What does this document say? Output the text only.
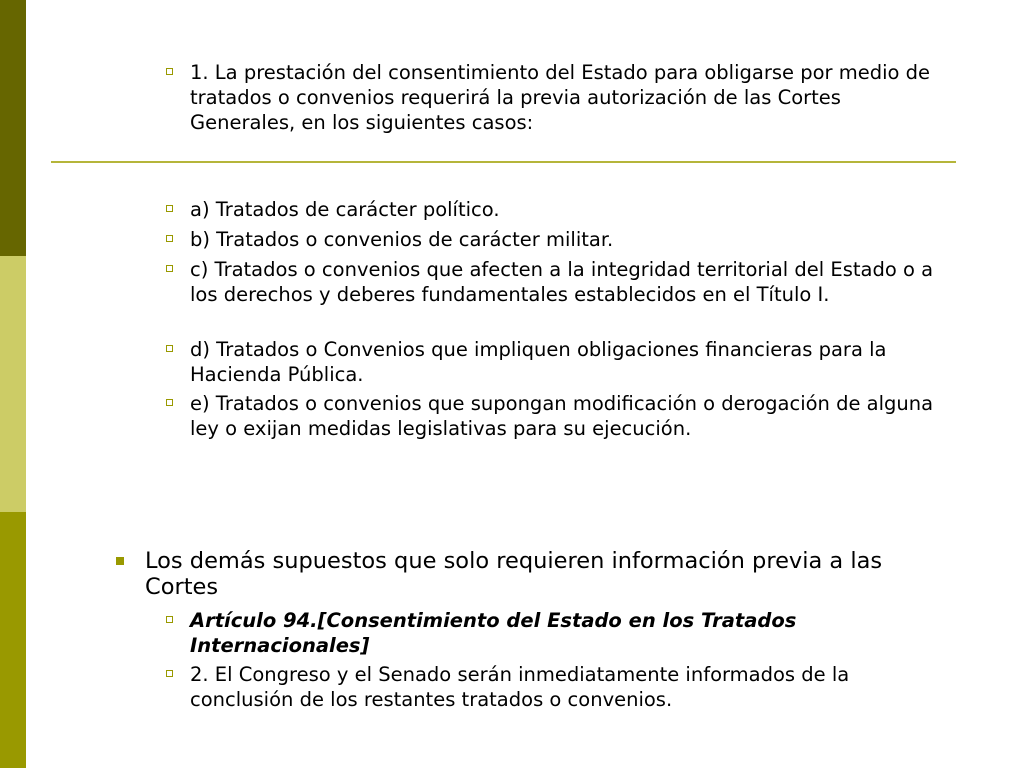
1. La prestación del consentimiento del Estado para obligarse por medio de tratados o convenios requerirá la previa autorización de las Cortes Generales, en los siguientes casos:
a) Tratados de carácter político.
b) Tratados o convenios de carácter militar.
c) Tratados o convenios que afecten a la integridad territorial del Estado o a los derechos y deberes fundamentales establecidos en el Título I.
d) Tratados o Convenios que impliquen obligaciones financieras para la Hacienda Pública.
e) Tratados o convenios que supongan modificación o derogación de alguna ley o exijan medidas legislativas para su ejecución.
Los demás supuestos que solo requieren información previa a las Cortes
Artículo 94.[Consentimiento del Estado en los Tratados Internacionales]
2. El Congreso y el Senado serán inmediatamente informados de la conclusión de los restantes tratados o convenios.
